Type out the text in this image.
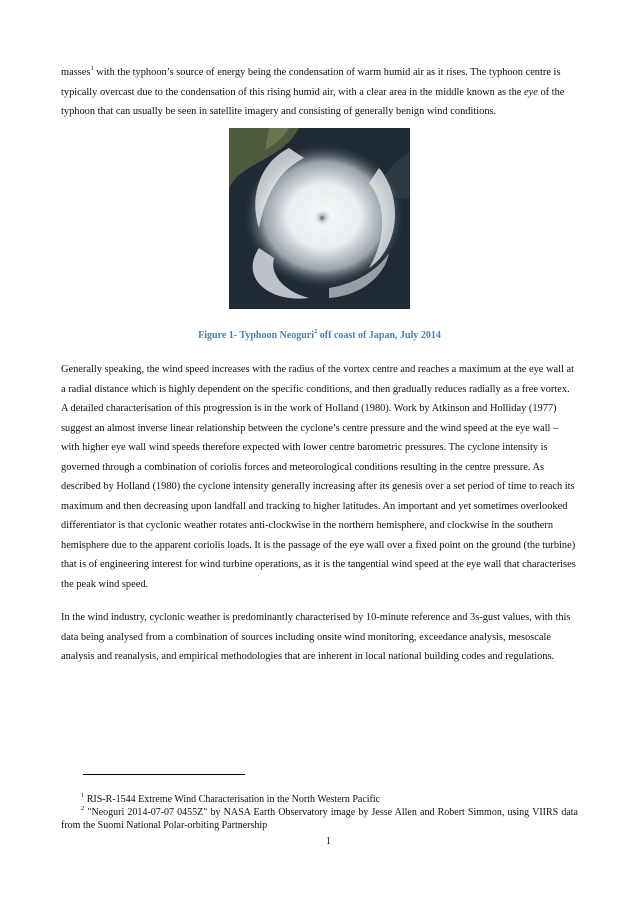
masses$^1$ with the typhoon’s source of energy being the condensation of warm humid air as it rises. The typhoon centre is typically overcast due to the condensation of this rising humid air, with a clear area in the middle known as the eye of the typhoon that can usually be seen in satellite imagery and consisting of generally benign wind conditions.

Figure 1- Typhoon Neoguri$^2$ off coast of Japan, July 2014

Generally speaking, the wind speed increases with the radius of the vortex centre and reaches a maximum at the eye wall at a radial distance which is highly dependent on the specific conditions, and then gradually reduces radially as a free vortex. A detailed characterisation of this progression is in the work of Holland (1980). Work by Atkinson and Holliday (1977) suggest an almost inverse linear relationship between the cyclone’s centre pressure and the wind speed at the eye wall – with higher eye wall wind speeds therefore expected with lower centre barometric pressures. The cyclone intensity is governed through a combination of coriolis forces and meteorological conditions resulting in the centre pressure. As described by Holland (1980) the cyclone intensity generally increasing after its genesis over a set period of time to reach its maximum and then decreasing upon landfall and tracking to higher latitudes. An important and yet sometimes overlooked differentiator is that cyclonic weather rotates anti-clockwise in the northern hemisphere, and clockwise in the southern hemisphere due to the apparent coriolis loads. It is the passage of the eye wall over a fixed point on the ground (the turbine) that is of engineering interest for wind turbine operations, as it is the tangential wind speed at the eye wall that characterises the peak wind speed.

In the wind industry, cyclonic weather is predominantly characterised by 10-minute reference and 3s-gust values, with this data being analysed from a combination of sources including onsite wind monitoring, exceedance analysis, mesoscale analysis and reanalysis, and empirical methodologies that are inherent in local national building codes and regulations.

$^1$ RIS-R-1544 Extreme Wind Characterisation in the North Western Pacific
$^2$ "Neoguri 2014-07-07 0455Z" by NASA Earth Observatory image by Jesse Allen and Robert Simmon, using VIIRS data from the Suomi National Polar-orbiting Partnership
1
